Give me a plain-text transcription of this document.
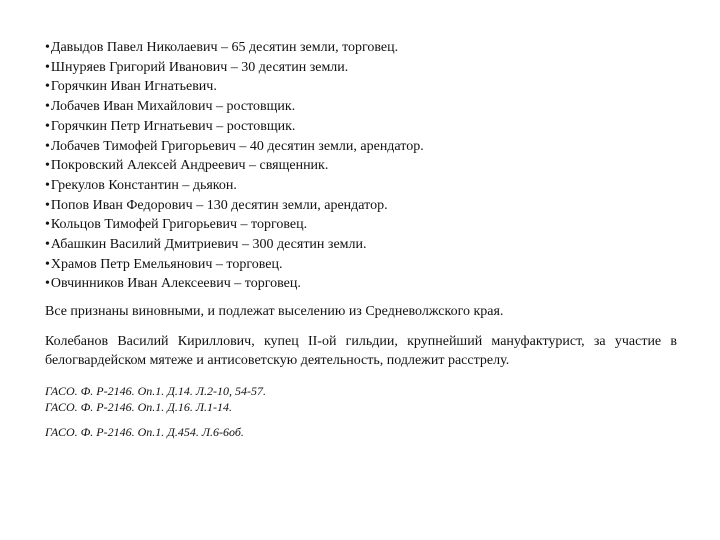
•Давыдов Павел Николаевич – 65 десятин земли, торговец.
•Шнуряев Григорий Иванович – 30 десятин земли.
•Горячкин Иван Игнатьевич.
•Лобачев Иван Михайлович – ростовщик.
•Горячкин Петр Игнатьевич – ростовщик.
•Лобачев Тимофей Григорьевич – 40 десятин земли, арендатор.
•Покровский Алексей Андреевич – священник.
•Грекулов Константин – дьякон.
•Попов Иван Федорович – 130 десятин земли, арендатор.
•Кольцов Тимофей Григорьевич – торговец.
•Абашкин Василий Дмитриевич – 300 десятин земли.
•Храмов Петр Емельянович – торговец.
•Овчинников Иван Алексеевич – торговец.

Все признаны виновными, и подлежат выселению из Средневолжского края.

Колебанов Василий Кириллович, купец II-ой гильдии, крупнейший мануфактурист, за участие в белогвардейском мятеже и антисоветскую деятельность, подлежит расстрелу.

ГАСО. Ф. Р-2146. Оп.1. Д.14. Л.2-10, 54-57.
ГАСО. Ф. Р-2146. Оп.1. Д.16. Л.1-14.
ГАСО. Ф. Р-2146. Оп.1. Д.454. Л.6-6об.
